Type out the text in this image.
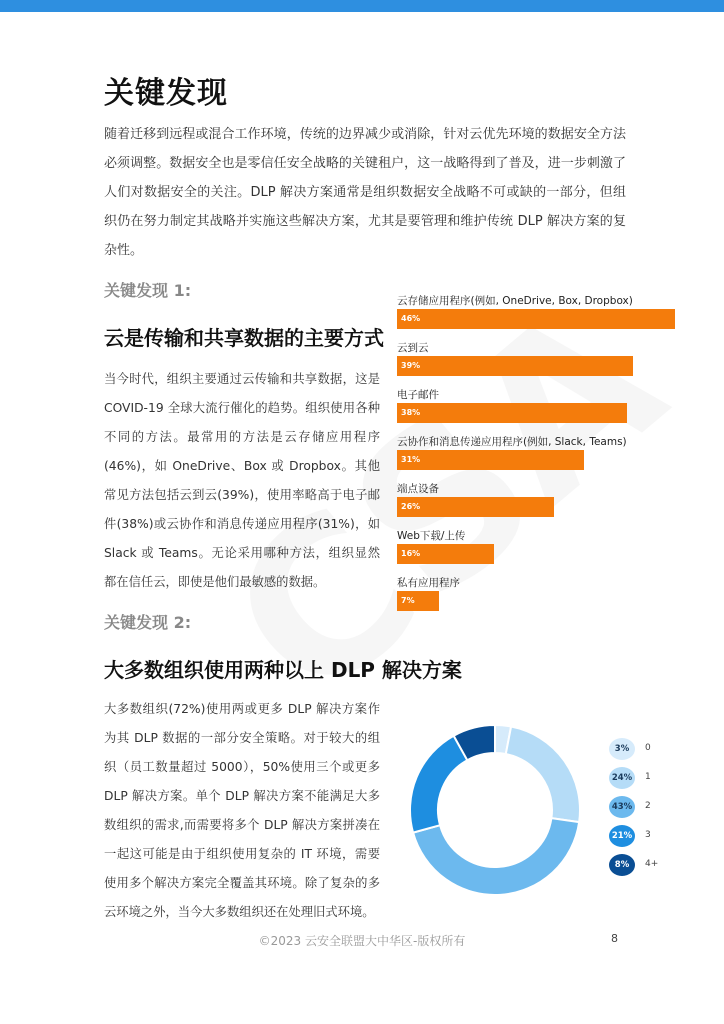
关键发现
随着迁移到远程或混合工作环境，传统的边界减少或消除，针对云优先环境的数据安全方法必须调整。数据安全也是零信任安全战略的关键租户，这一战略得到了普及，进一步刺激了人们对数据安全的关注。DLP 解决方案通常是组织数据安全战略不可或缺的一部分，但组织仍在努力制定其战略并实施这些解决方案，尤其是要管理和维护传统 DLP 解决方案的复杂性。
关键发现 1:
云是传输和共享数据的主要方式
当今时代，组织主要通过云传输和共享数据，这是 COVID-19 全球大流行催化的趋势。组织使用各种不同的方法。最常用的方法是云存储应用程序(46%)，如 OneDrive、Box 或 Dropbox。其他常见方法包括云到云(39%)，使用率略高于电子邮件(38%)或云协作和消息传递应用程序(31%)，如 Slack 或 Teams。无论采用哪种方法，组织显然都在信任云，即使是他们最敏感的数据。
云存储应用程序(例如, OneDrive, Box, Dropbox)
46%
云到云
39%
电子邮件
38%
云协作和消息传递应用程序(例如, Slack, Teams)
31%
端点设备
26%
Web下载/上传
16%
私有应用程序
7%
关键发现 2:
大多数组织使用两种以上 DLP 解决方案
大多数组织(72%)使用两或更多 DLP 解决方案作为其 DLP 数据的一部分安全策略。对于较大的组织（员工数量超过 5000），50%使用三个或更多 DLP 解决方案。单个 DLP 解决方案不能满足大多数组织的需求,而需要将多个 DLP 解决方案拼凑在一起这可能是由于组织使用复杂的 IT 环境，需要使用多个解决方案完全覆盖其环境。除了复杂的多云环境之外，当今大多数组织还在处理旧式环境。
3%	0
24%	1
43%	2
21%	3
8%	4+
©2023 云安全联盟大中华区-版权所有	8
